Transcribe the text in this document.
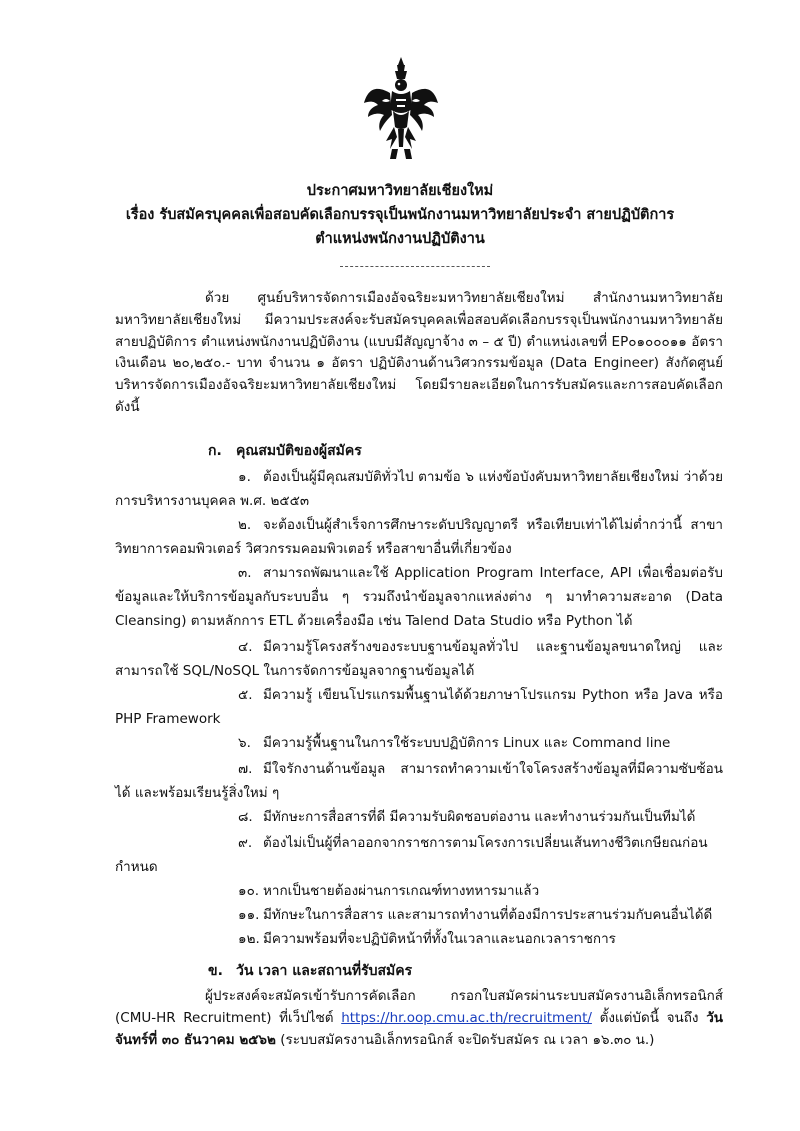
ประกาศมหาวิทยาลัยเชียงใหม่
เรื่อง รับสมัครบุคคลเพื่อสอบคัดเลือกบรรจุเป็นพนักงานมหาวิทยาลัยประจำ สายปฏิบัติการ
ตำแหน่งพนักงานปฏิบัติงาน

ด้วย ศูนย์บริหารจัดการเมืองอัจฉริยะมหาวิทยาลัยเชียงใหม่ สำนักงานมหาวิทยาลัย มหาวิทยาลัยเชียงใหม่ มีความประสงค์จะรับสมัครบุคคลเพื่อสอบคัดเลือกบรรจุเป็นพนักงานมหาวิทยาลัย สายปฏิบัติการ ตำแหน่งพนักงานปฏิบัติงาน (แบบมีสัญญาจ้าง ๓ – ๕ ปี) ตำแหน่งเลขที่ EP๐๑๐๐๐๑๑ อัตราเงินเดือน ๒๐,๒๕๐.- บาท จำนวน ๑ อัตรา ปฏิบัติงานด้านวิศวกรรมข้อมูล (Data Engineer) สังกัดศูนย์บริหารจัดการเมืองอัจฉริยะมหาวิทยาลัยเชียงใหม่ โดยมีรายละเอียดในการรับสมัครและการสอบคัดเลือก ดังนี้

ก. คุณสมบัติของผู้สมัคร
๑. ต้องเป็นผู้มีคุณสมบัติทั่วไป ตามข้อ ๖ แห่งข้อบังคับมหาวิทยาลัยเชียงใหม่ ว่าด้วย การบริหารงานบุคคล พ.ศ. ๒๕๕๓
๒. จะต้องเป็นผู้สำเร็จการศึกษาระดับปริญญาตรี หรือเทียบเท่าได้ไม่ต่ำกว่านี้ สาขาวิทยาการคอมพิวเตอร์ วิศวกรรมคอมพิวเตอร์ หรือสาขาอื่นที่เกี่ยวข้อง
๓. สามารถพัฒนาและใช้ Application Program Interface, API เพื่อเชื่อมต่อรับข้อมูลและให้บริการข้อมูลกับระบบอื่น ๆ รวมถึงนำข้อมูลจากแหล่งต่าง ๆ มาทำความสะอาด (Data Cleansing) ตามหลักการ ETL ด้วยเครื่องมือ เช่น Talend Data Studio หรือ Python ได้
๔. มีความรู้โครงสร้างของระบบฐานข้อมูลทั่วไป และฐานข้อมูลขนาดใหญ่ และสามารถใช้ SQL/NoSQL ในการจัดการข้อมูลจากฐานข้อมูลได้
๕. มีความรู้ เขียนโปรแกรมพื้นฐานได้ด้วยภาษาโปรแกรม Python หรือ Java หรือ PHP Framework
๖. มีความรู้พื้นฐานในการใช้ระบบปฏิบัติการ Linux และ Command line
๗. มีใจรักงานด้านข้อมูล สามารถทำความเข้าใจโครงสร้างข้อมูลที่มีความซับซ้อนได้ และพร้อมเรียนรู้สิ่งใหม่ ๆ
๘. มีทักษะการสื่อสารที่ดี มีความรับผิดชอบต่องาน และทำงานร่วมกันเป็นทีมได้
๙. ต้องไม่เป็นผู้ที่ลาออกจากราชการตามโครงการเปลี่ยนเส้นทางชีวิตเกษียณก่อนกำหนด
๑๐. หากเป็นชายต้องผ่านการเกณฑ์ทางทหารมาแล้ว
๑๑. มีทักษะในการสื่อสาร และสามารถทำงานที่ต้องมีการประสานร่วมกับคนอื่นได้ดี
๑๒. มีความพร้อมที่จะปฏิบัติหน้าที่ทั้งในเวลาและนอกเวลาราชการ
ข. วัน เวลา และสถานที่รับสมัคร

ผู้ประสงค์จะสมัครเข้ารับการคัดเลือก กรอกใบสมัครผ่านระบบสมัครงานอิเล็กทรอนิกส์ (CMU-HR Recruitment) ที่เว็ปไซต์ https://hr.oop.cmu.ac.th/recruitment/ ตั้งแต่บัดนี้ จนถึง วันจันทร์ที่ ๓๐ ธันวาคม ๒๕๖๒ (ระบบสมัครงานอิเล็กทรอนิกส์ จะปิดรับสมัคร ณ เวลา ๑๖.๓๐ น.)
